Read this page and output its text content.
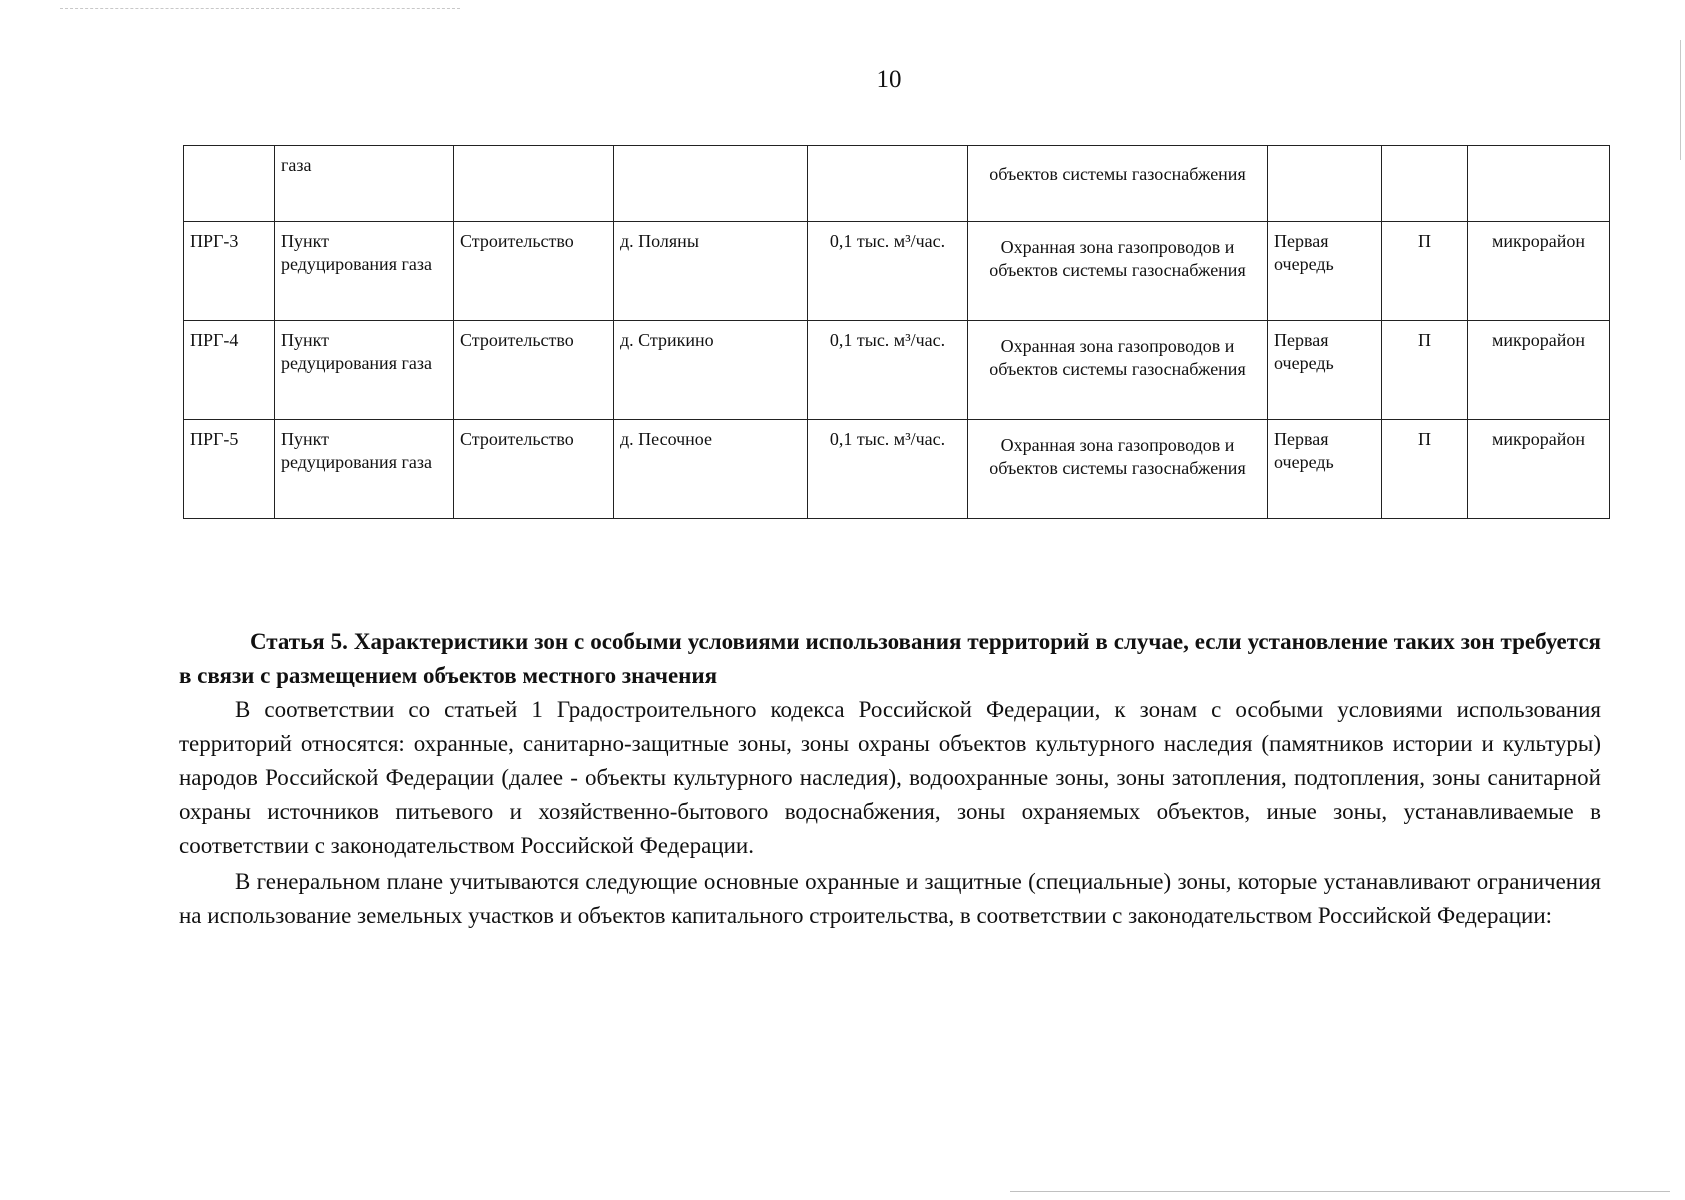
10
	газа				объектов системы газоснабжения			
ПРГ-3	Пункт редуцирования газа	Строительство	д. Поляны	0,1 тыс. м³/час.	Охранная зона газопроводов и объектов системы газоснабжения	Первая очередь	П	микрорайон
ПРГ-4	Пункт редуцирования газа	Строительство	д. Стрикино	0,1 тыс. м³/час.	Охранная зона газопроводов и объектов системы газоснабжения	Первая очередь	П	микрорайон
ПРГ-5	Пункт редуцирования газа	Строительство	д. Песочное	0,1 тыс. м³/час.	Охранная зона газопроводов и объектов системы газоснабжения	Первая очередь	П	микрорайон

Статья 5. Характеристики зон с особыми условиями использования территорий в случае, если установление таких зон требуется в связи с размещением объектов местного значения

В соответствии со статьей 1 Градостроительного кодекса Российской Федерации, к зонам с особыми условиями использования территорий относятся: охранные, санитарно-защитные зоны, зоны охраны объектов культурного наследия (памятников истории и культуры) народов Российской Федерации (далее - объекты культурного наследия), водоохранные зоны, зоны затопления, подтопления, зоны санитарной охраны источников питьевого и хозяйственно-бытового водоснабжения, зоны охраняемых объектов, иные зоны, устанавливаемые в соответствии с законодательством Российской Федерации.

В генеральном плане учитываются следующие основные охранные и защитные (специальные) зоны, которые устанавливают ограничения на использование земельных участков и объектов капитального строительства, в соответствии с законодательством Российской Федерации:
